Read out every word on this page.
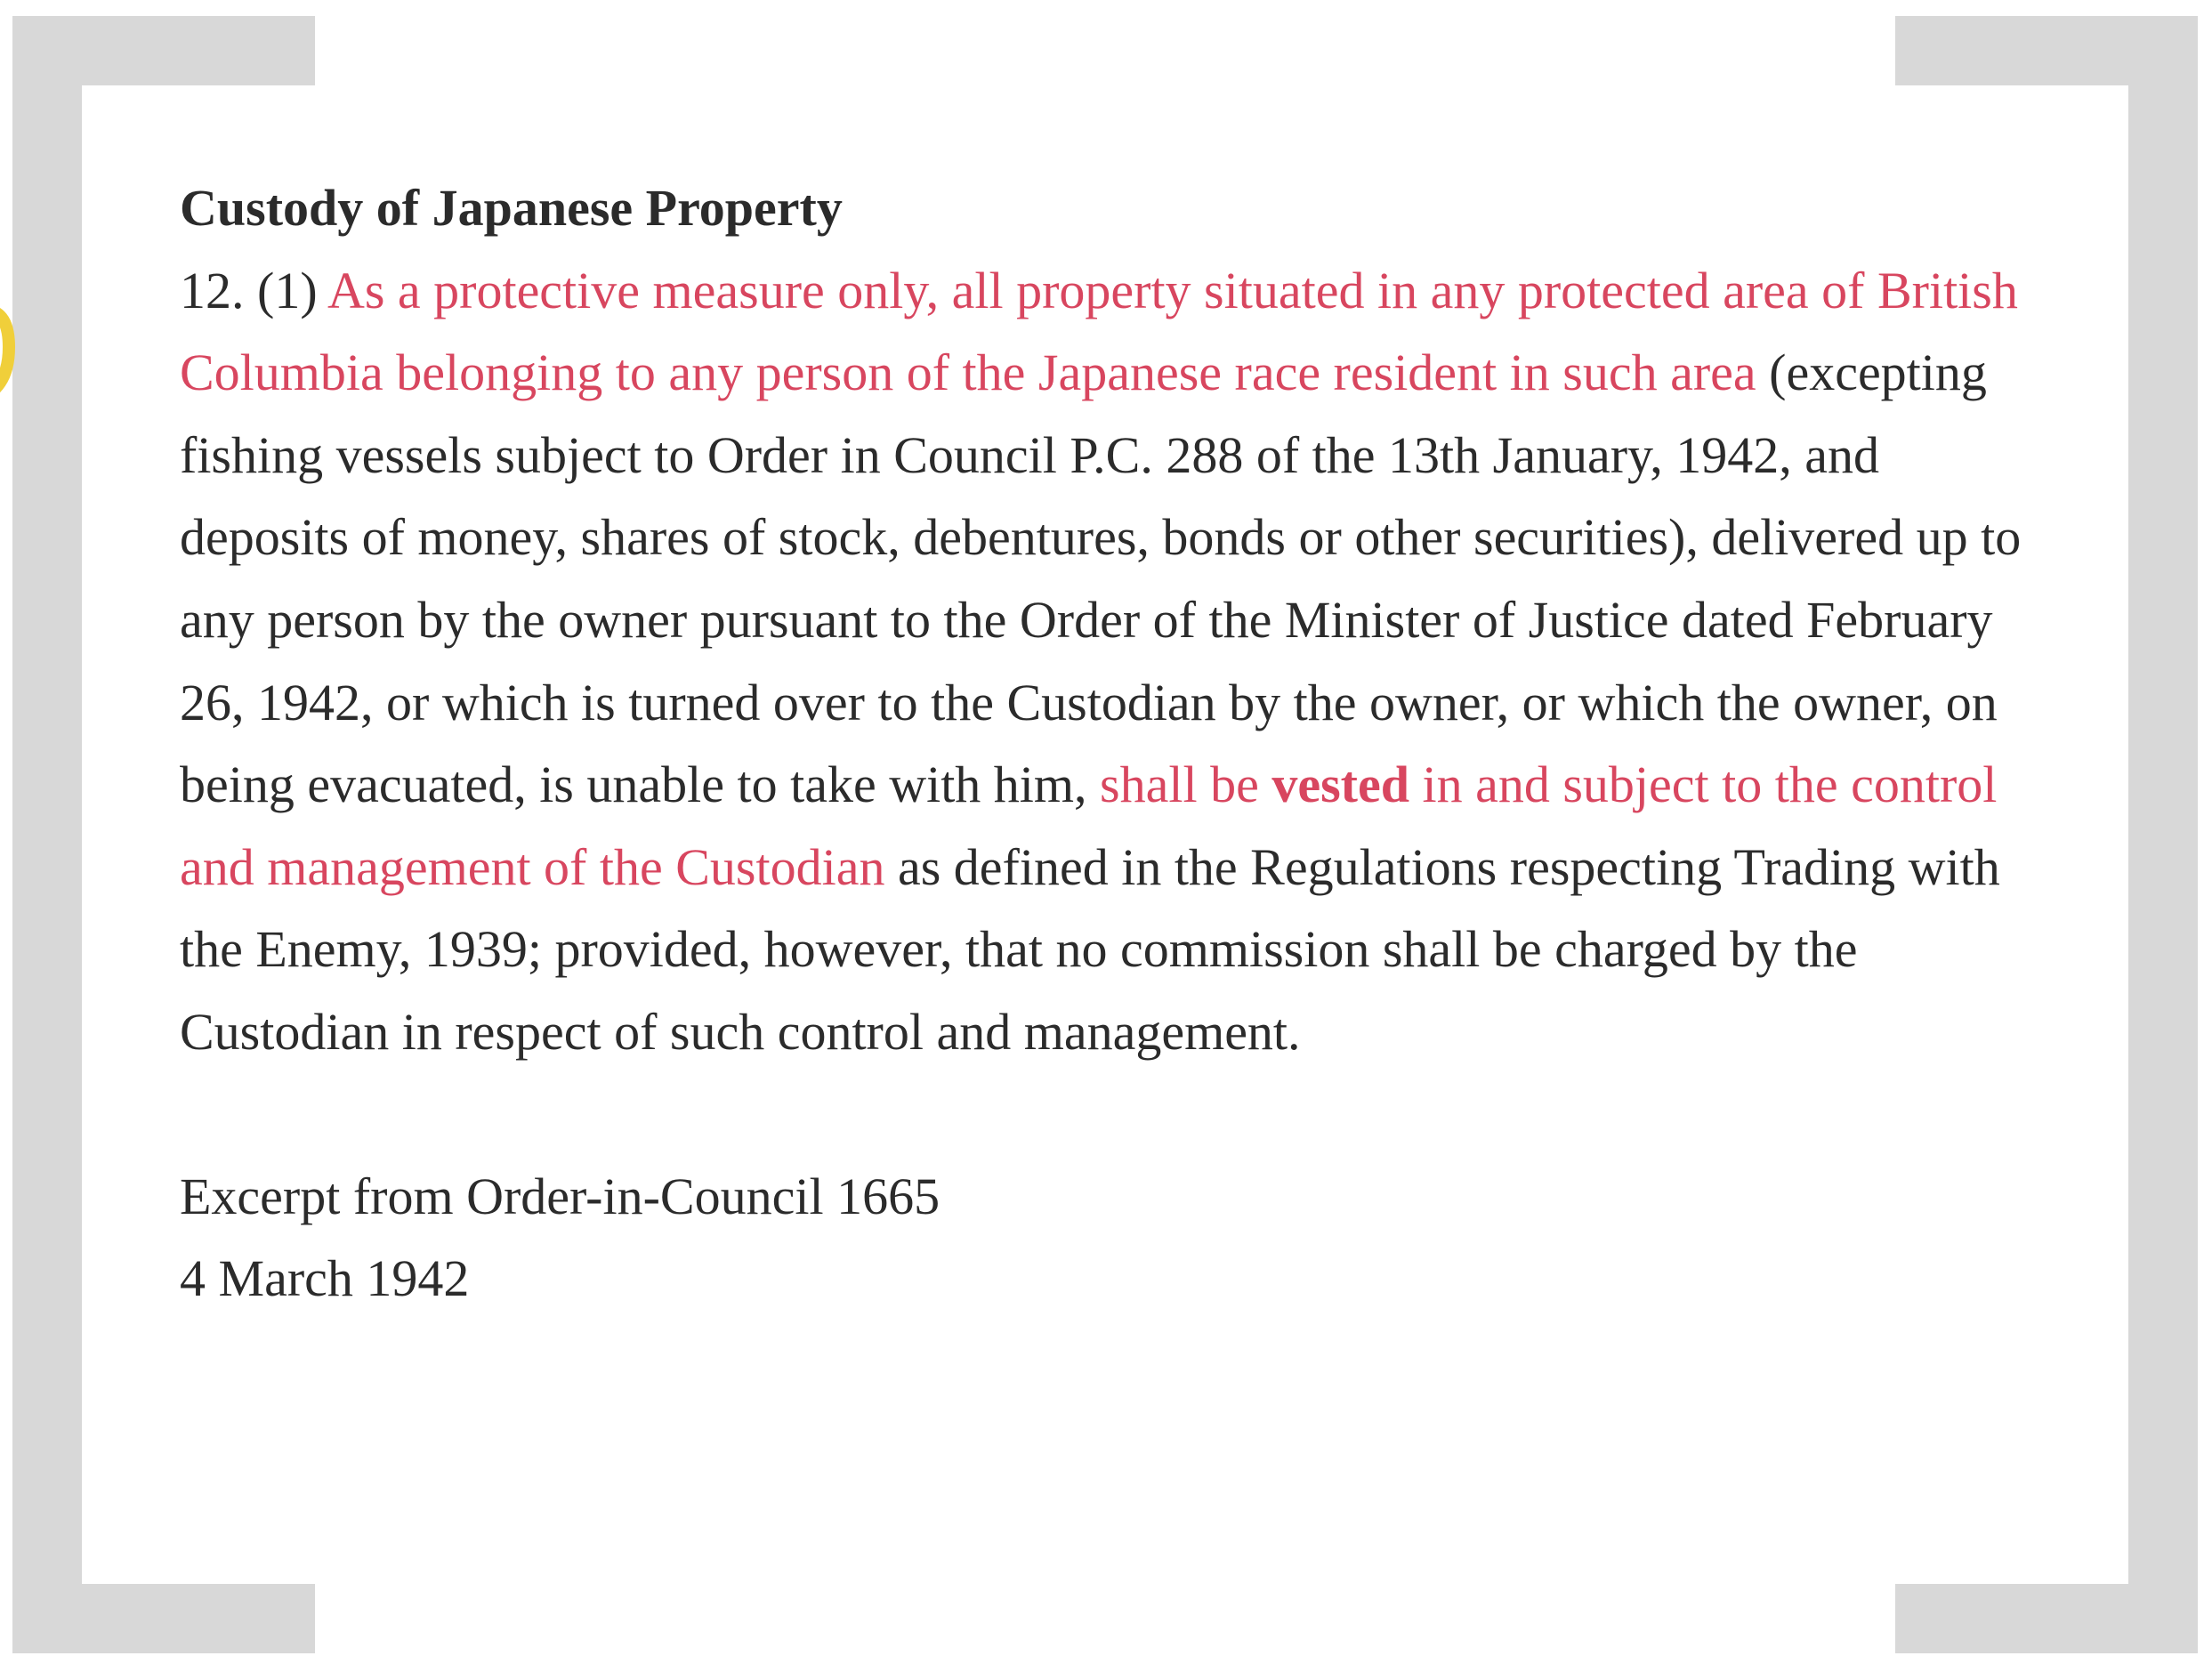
Custody of Japanese Property

12. (1) As a protective measure only, all property situated in any protected area of British Columbia belonging to any person of the Japanese race resident in such area (excepting fishing vessels subject to Order in Council P.C. 288 of the 13th January, 1942, and deposits of money, shares of stock, debentures, bonds or other securities), delivered up to any person by the owner pursuant to the Order of the Minister of Justice dated February 26, 1942, or which is turned over to the Custodian by the owner, or which the owner, on being evacuated, is unable to take with him, shall be vested in and subject to the control and management of the Custodian as defined in the Regulations respecting Trading with the Enemy, 1939; provided, however, that no commission shall be charged by the Custodian in respect of such control and management.

Excerpt from Order-in-Council 1665
4 March 1942
